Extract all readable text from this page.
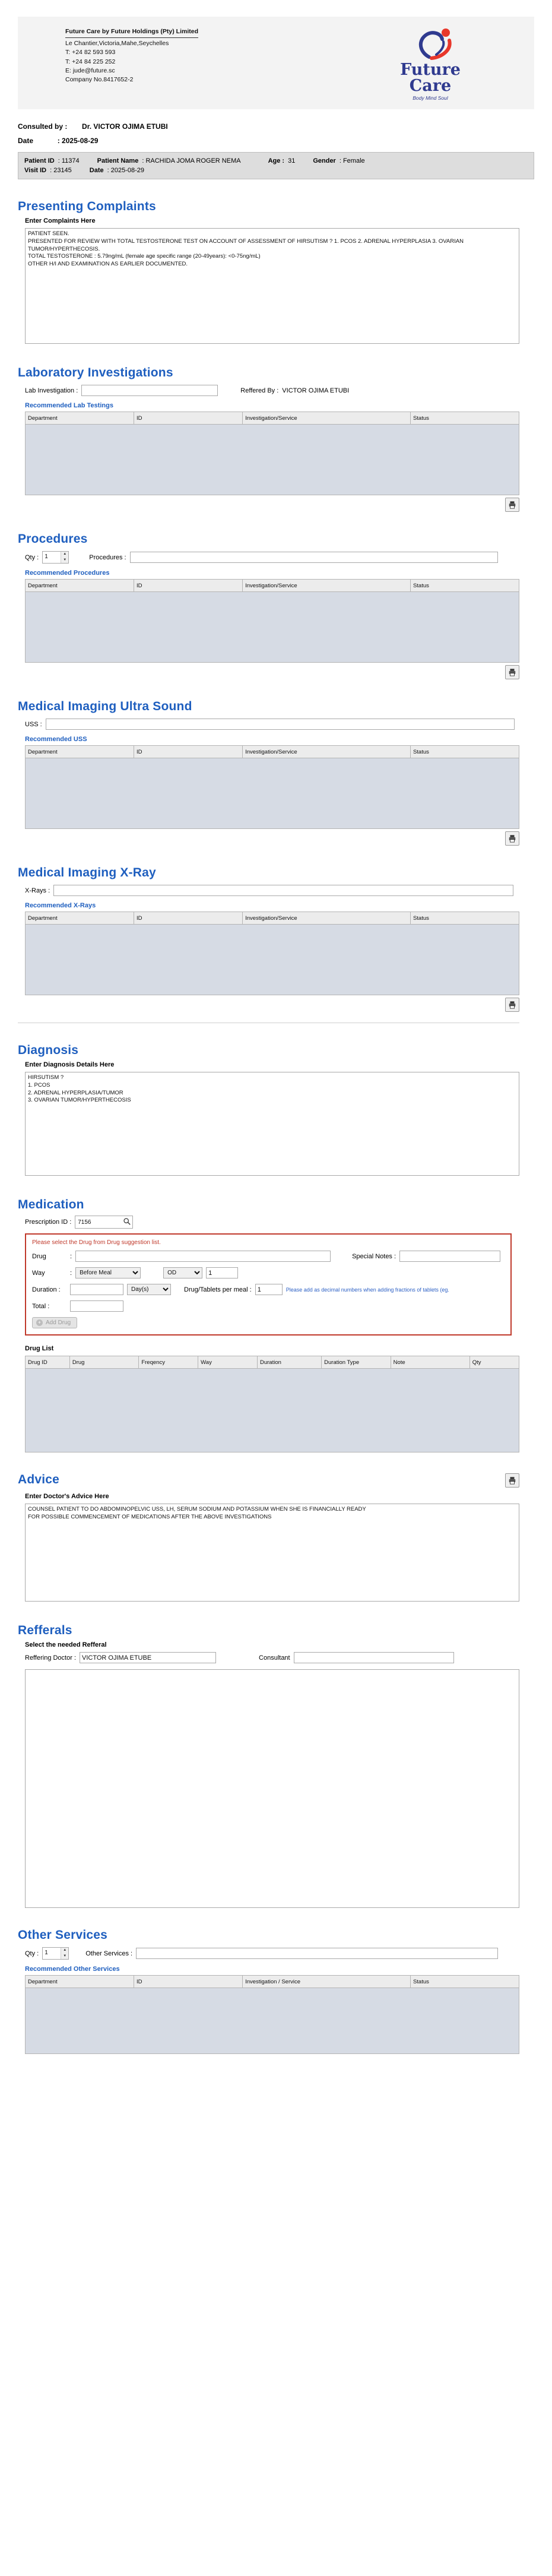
Future Care by Future Holdings (Pty) Limited
Le Chantier,Victoria,Mahe,Seychelles
T: +24 82 593 593
T: +24 84 225 252
E: jude@future.sc
Company No.8417652-2
Future
Care
Body Mind Soul
Consulted by : Dr. VICTOR OJIMA ETUBI
Date	: 2025-08-29
Patient ID : 11374	Patient Name : RACHIDA JOMA ROGER NEMA	Age : 31	Gender : Female
Visit ID : 23145	Date : 2025-08-29
Presenting Complaints
Enter Complaints Here
PATIENT SEEN. PRESENTED FOR REVIEW WITH TOTAL TESTOSTERONE TEST ON ACCOUNT OF ASSESSMENT OF HIRSUTISM ? 1. PCOS 2. ADRENAL HYPERPLASIA 3. OVARIAN TUMOR/HYPERTHECOSIS. TOTAL TESTOSTERONE : 5.79ng/mL (female age specific range (20-49years): <0-75ng/mL) OTHER H/I AND EXAMINATION AS EARLIER DOCUMENTED.
Laboratory Investigations
Lab Investigation :	Reffered By : VICTOR OJIMA ETUBI
Recommended Lab Testings
Department	ID	Investigation/Service	Status
Procedures
Qty :
1	▲
▼	Procedures :
Recommended Procedures
Department	ID	Investigation/Service	Status
Medical Imaging Ultra Sound
USS :
Recommended USS
Department	ID	Investigation/Service	Status
Medical Imaging X-Ray
X-Rays :
Recommended X-Rays
Department	ID	Investigation/Service	Status
Diagnosis
Enter Diagnosis Details Here
HIRSUTISM ? 1. PCOS 2. ADRENAL HYPERPLASIA/TUMOR 3. OVARIAN TUMOR/HYPERTHECOSIS
Medication
Prescription ID :
7156
Please select the Drug from Drug suggestion list.
Drug	:	Special Notes :
Way	:
Before Meal
OD
1
Duration :
Day(s)	Drug/Tablets per meal :
1	Please add as decimal numbers when adding fractions of tablets (eg.
Total :
+ Add Drug
Drug List
Drug ID	Drug	Freqency	Way	Duration	Duration Type	Note	Qty
Advice
Enter Doctor's Advice Here
COUNSEL PATIENT TO DO ABDOMINOPELVIC USS, LH, SERUM SODIUM AND POTASSIUM WHEN SHE IS FINANCIALLY READY FOR POSSIBLE COMMENCEMENT OF MEDICATIONS AFTER THE ABOVE INVESTIGATIONS
Refferals
Select the needed Refferal
Reffering Doctor :
VICTOR OJIMA ETUBE	Consultant
Other Services
Qty :
1	▲
▼	Other Services :
Recommended Other Services
Department	ID	Investigation / Service	Status
